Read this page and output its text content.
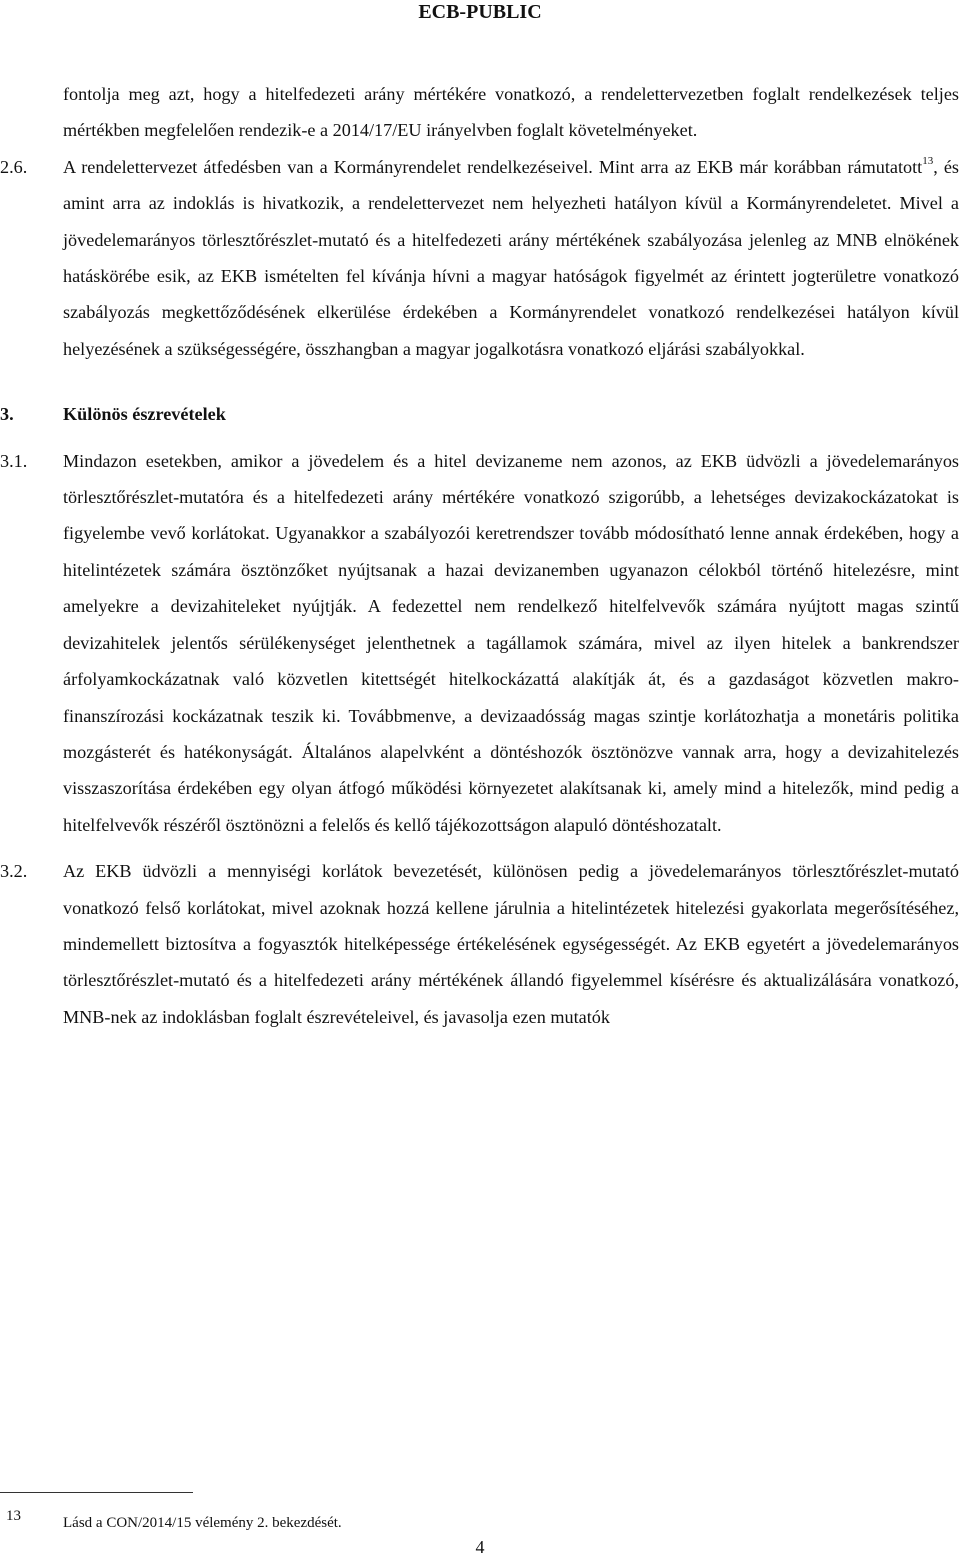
ECB-PUBLIC

fontolja meg azt, hogy a hitelfedezeti arány mértékére vonatkozó, a rendelettervezetben foglalt rendelkezések teljes mértékben megfelelően rendezik-e a 2014/17/EU irányelvben foglalt követelményeket.

2.6. A rendelettervezet átfedésben van a Kormányrendelet rendelkezéseivel. Mint arra az EKB már korábban rámutatott$^{13}$, és amint arra az indoklás is hivatkozik, a rendelettervezet nem helyezheti hatályon kívül a Kormányrendeletet. Mivel a jövedelemarányos törlesztőrészlet-mutató és a hitelfedezeti arány mértékének szabályozása jelenleg az MNB elnökének hatáskörébe esik, az EKB ismételten fel kívánja hívni a magyar hatóságok figyelmét az érintett jogterületre vonatkozó szabályozás megkettőződésének elkerülése érdekében a Kormányrendelet vonatkozó rendelkezései hatályon kívül helyezésének a szükségességére, összhangban a magyar jogalkotásra vonatkozó eljárási szabályokkal.

3.	Különös észrevételek

3.1. Mindazon esetekben, amikor a jövedelem és a hitel devizaneme nem azonos, az EKB üdvözli a jövedelemarányos törlesztőrészlet-mutatóra és a hitelfedezeti arány mértékére vonatkozó szigorúbb, a lehetséges devizakockázatokat is figyelembe vevő korlátokat. Ugyanakkor a szabályozói keretrendszer tovább módosítható lenne annak érdekében, hogy a hitelintézetek számára ösztönzőket nyújtsanak a hazai devizanemben ugyanazon célokból történő hitelezésre, mint amelyekre a devizahiteleket nyújtják. A fedezettel nem rendelkező hitelfelvevők számára nyújtott magas szintű devizahitelek jelentős sérülékenységet jelenthetnek a tagállamok számára, mivel az ilyen hitelek a bankrendszer árfolyamkockázatnak való közvetlen kitettségét hitelkockázattá alakítják át, és a gazdaságot közvetlen makro-finanszírozási kockázatnak teszik ki. Továbbmenve, a devizaadósság magas szintje korlátozhatja a monetáris politika mozgásterét és hatékonyságát. Általános alapelvként a döntéshozók ösztönözve vannak arra, hogy a devizahitelezés visszaszorítása érdekében egy olyan átfogó működési környezetet alakítsanak ki, amely mind a hitelezők, mind pedig a hitelfelvevők részéről ösztönözni a felelős és kellő tájékozottságon alapuló döntéshozatalt.

3.2. Az EKB üdvözli a mennyiségi korlátok bevezetését, különösen pedig a jövedelemarányos törlesztőrészlet-mutató vonatkozó felső korlátokat, mivel azoknak hozzá kellene járulnia a hitelintézetek hitelezési gyakorlata megerősítéséhez, mindemellett biztosítva a fogyasztók hitelképessége értékelésének egységességét. Az EKB egyetért a jövedelemarányos törlesztőrészlet-mutató és a hitelfedezeti arány mértékének állandó figyelemmel kísérésre és aktualizálására vonatkozó, MNB-nek az indoklásban foglalt észrevételeivel, és javasolja ezen mutatók

13	Lásd a CON/2014/15 vélemény 2. bekezdését.
4
